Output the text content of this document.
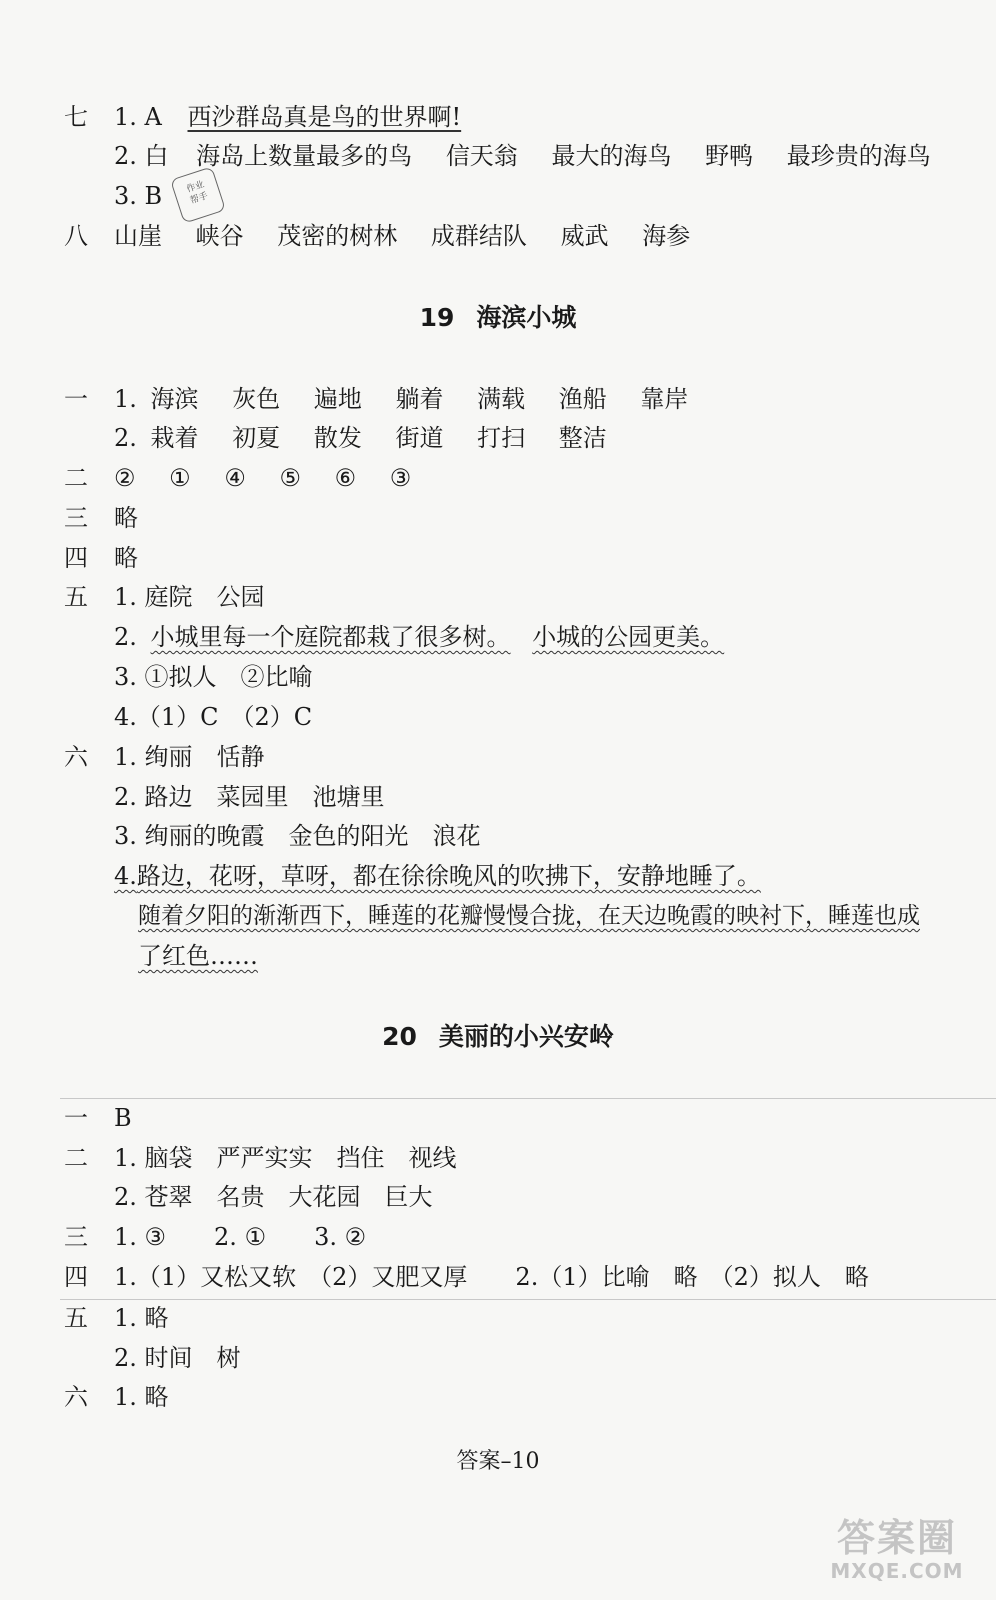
七 1. A 西沙群岛真是鸟的世界啊!
2. 白 海岛上数量最多的鸟 信天翁 最大的海鸟 野鸭 最珍贵的海鸟
3. B	作业
帮手
八 山崖 峡谷 茂密的树林 成群结队 威武 海参
19 海滨小城
一 1. 海滨 灰色 遍地 躺着 满载 渔船 靠岸
2. 栽着 初夏 散发 街道 打扫 整洁
二 ② ① ④ ⑤ ⑥ ③
三 略
四 略
五 1. 庭院　公园
2. 小城里每一个庭院都栽了很多树。 小城的公园更美。
3. ①拟人　②比喻
4.（1）C　（2）C
六 1. 绚丽　恬静
2. 路边　菜园里　池塘里
3. 绚丽的晚霞　金色的阳光　浪花
4.路边，花呀，草呀，都在徐徐晚风的吹拂下，安静地睡了。
随着夕阳的渐渐西下，睡莲的花瓣慢慢合拢，在天边晚霞的映衬下，睡莲也成
了红色……
20 美丽的小兴安岭
一 B
二 1. 脑袋　严严实实　挡住　视线
2. 苍翠　名贵　大花园　巨大
三 1. ③　　2. ①　　3. ②
四 1.（1）又松又软　（2）又肥又厚　　2.（1）比喻　略　（2）拟人　略
五 1. 略
2. 时间　树
六 1. 略
答案–10
答案圈
MXQE.COM
